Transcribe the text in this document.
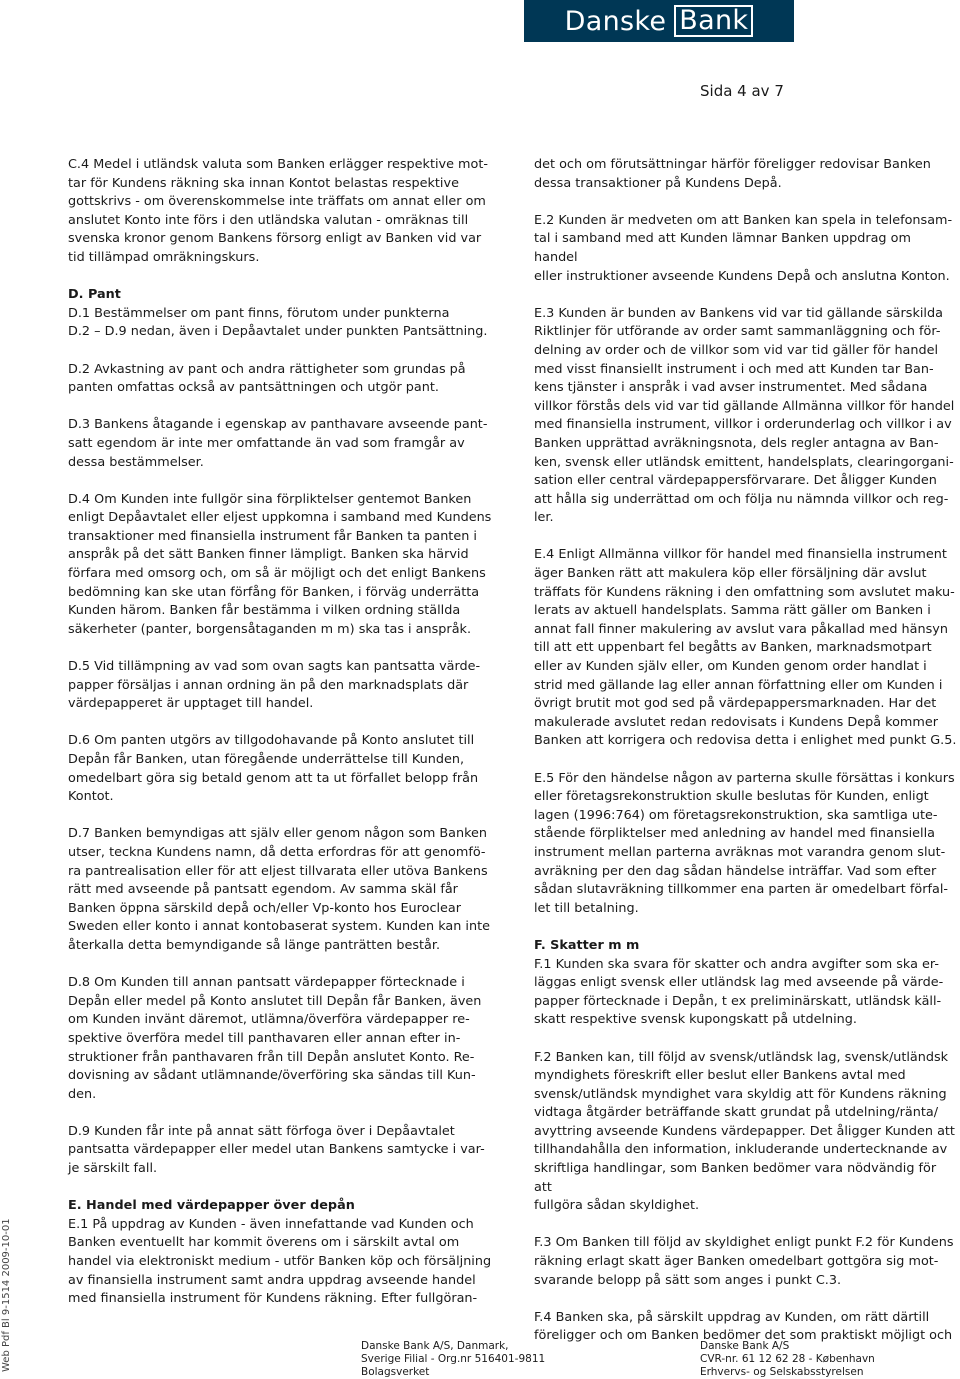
Danske Bank
Sida 4 av 7

C.4 Medel i utländsk valuta som Banken erlägger respektive mot-
tar för Kundens räkning ska innan Kontot belastas respektive
gottskrivs - om överenskommelse inte träffats om annat eller om
anslutet Konto inte förs i den utländska valutan - omräknas till
svenska kronor genom Bankens försorg enligt av Banken vid var
tid tillämpad omräkningskurs.

D. Pant

D.1 Bestämmelser om pant finns, förutom under punkterna
D.2 – D.9 nedan, även i Depåavtalet under punkten Pantsättning.

D.2 Avkastning av pant och andra rättigheter som grundas på
panten omfattas också av pantsättningen och utgör pant.

D.3 Bankens åtagande i egenskap av panthavare avseende pant-
satt egendom är inte mer omfattande än vad som framgår av
dessa bestämmelser.

D.4 Om Kunden inte fullgör sina förpliktelser gentemot Banken
enligt Depåavtalet eller eljest uppkomna i samband med Kundens
transaktioner med finansiella instrument får Banken ta panten i
anspråk på det sätt Banken finner lämpligt. Banken ska härvid
förfara med omsorg och, om så är möjligt och det enligt Bankens
bedömning kan ske utan förfång för Banken, i förväg underrätta
Kunden härom. Banken får bestämma i vilken ordning ställda
säkerheter (panter, borgensåtaganden m m) ska tas i anspråk.

D.5 Vid tillämpning av vad som ovan sagts kan pantsatta värde-
papper försäljas i annan ordning än på den marknadsplats där
värdepapperet är upptaget till handel.

D.6 Om panten utgörs av tillgodohavande på Konto anslutet till
Depån får Banken, utan föregående underrättelse till Kunden,
omedelbart göra sig betald genom att ta ut förfallet belopp från
Kontot.

D.7 Banken bemyndigas att själv eller genom någon som Banken
utser, teckna Kundens namn, då detta erfordras för att genomfö-
ra pantrealisation eller för att eljest tillvarata eller utöva Bankens
rätt med avseende på pantsatt egendom. Av samma skäl får
Banken öppna särskild depå och/eller Vp-konto hos Euroclear
Sweden eller konto i annat kontobaserat system. Kunden kan inte
återkalla detta bemyndigande så länge panträtten består.

D.8 Om Kunden till annan pantsatt värdepapper förtecknade i
Depån eller medel på Konto anslutet till Depån får Banken, även
om Kunden invänt däremot, utlämna/överföra värdepapper re-
spektive överföra medel till panthavaren eller annan efter in-
struktioner från panthavaren från till Depån anslutet Konto. Re-
dovisning av sådant utlämnande/överföring ska sändas till Kun-
den.

D.9 Kunden får inte på annat sätt förfoga över i Depåavtalet
pantsatta värdepapper eller medel utan Bankens samtycke i var-
je särskilt fall.

E. Handel med värdepapper över depån

E.1 På uppdrag av Kunden - även innefattande vad Kunden och
Banken eventuellt har kommit överens om i särskilt avtal om
handel via elektroniskt medium - utför Banken köp och försäljning
av finansiella instrument samt andra uppdrag avseende handel
med finansiella instrument för Kundens räkning. Efter fullgöran-

det och om förutsättningar härför föreligger redovisar Banken
dessa transaktioner på Kundens Depå.

E.2 Kunden är medveten om att Banken kan spela in telefonsam-
tal i samband med att Kunden lämnar Banken uppdrag om handel
eller instruktioner avseende Kundens Depå och anslutna Konton.

E.3 Kunden är bunden av Bankens vid var tid gällande särskilda
Riktlinjer för utförande av order samt sammanläggning och för-
delning av order och de villkor som vid var tid gäller för handel
med visst finansiellt instrument i och med att Kunden tar Ban-
kens tjänster i anspråk i vad avser instrumentet. Med sådana
villkor förstås dels vid var tid gällande Allmänna villkor för handel
med finansiella instrument, villkor i orderunderlag och villkor i av
Banken upprättad avräkningsnota, dels regler antagna av Ban-
ken, svensk eller utländsk emittent, handelsplats, clearingorgani-
sation eller central värdepappersförvarare. Det åligger Kunden
att hålla sig underrättad om och följa nu nämnda villkor och reg-
ler.

E.4 Enligt Allmänna villkor för handel med finansiella instrument
äger Banken rätt att makulera köp eller försäljning där avslut
träffats för Kundens räkning i den omfattning som avslutet maku-
lerats av aktuell handelsplats. Samma rätt gäller om Banken i
annat fall finner makulering av avslut vara påkallad med hänsyn
till att ett uppenbart fel begåtts av Banken, marknadsmotpart
eller av Kunden själv eller, om Kunden genom order handlat i
strid med gällande lag eller annan författning eller om Kunden i
övrigt brutit mot god sed på värdepappersmarknaden. Har det
makulerade avslutet redan redovisats i Kundens Depå kommer
Banken att korrigera och redovisa detta i enlighet med punkt G.5.

E.5 För den händelse någon av parterna skulle försättas i konkurs
eller företagsrekonstruktion skulle beslutas för Kunden, enligt
lagen (1996:764) om företagsrekonstruktion, ska samtliga ute-
stående förpliktelser med anledning av handel med finansiella
instrument mellan parterna avräknas mot varandra genom slut-
avräkning per den dag sådan händelse inträffar. Vad som efter
sådan slutavräkning tillkommer ena parten är omedelbart förfal-
let till betalning.

F. Skatter m m

F.1 Kunden ska svara för skatter och andra avgifter som ska er-
läggas enligt svensk eller utländsk lag med avseende på värde-
papper förtecknade i Depån, t ex preliminärskatt, utländsk käll-
skatt respektive svensk kupongskatt på utdelning.

F.2 Banken kan, till följd av svensk/utländsk lag, svensk/utländsk
myndighets föreskrift eller beslut eller Bankens avtal med
svensk/utländsk myndighet vara skyldig att för Kundens räkning
vidtaga åtgärder beträffande skatt grundat på utdelning/ränta/
avyttring avseende Kundens värdepapper. Det åligger Kunden att
tillhandahålla den information, inkluderande undertecknande av
skriftliga handlingar, som Banken bedömer vara nödvändig för att
fullgöra sådan skyldighet.

F.3 Om Banken till följd av skyldighet enligt punkt F.2 för Kundens
räkning erlagt skatt äger Banken omedelbart gottgöra sig mot-
svarande belopp på sätt som anges i punkt C.3.

F.4 Banken ska, på särskilt uppdrag av Kunden, om rätt därtill
föreligger och om Banken bedömer det som praktiskt möjligt och

Web Pdf Bl 9-1514 2009-10-01	Danske Bank A/S, Danmark,
Sverige Filial - Org.nr 516401-9811
Bolagsverket
Danske Bank A/S
CVR-nr. 61 12 62 28 - København
Erhvervs- og Selskabsstyrelsen
